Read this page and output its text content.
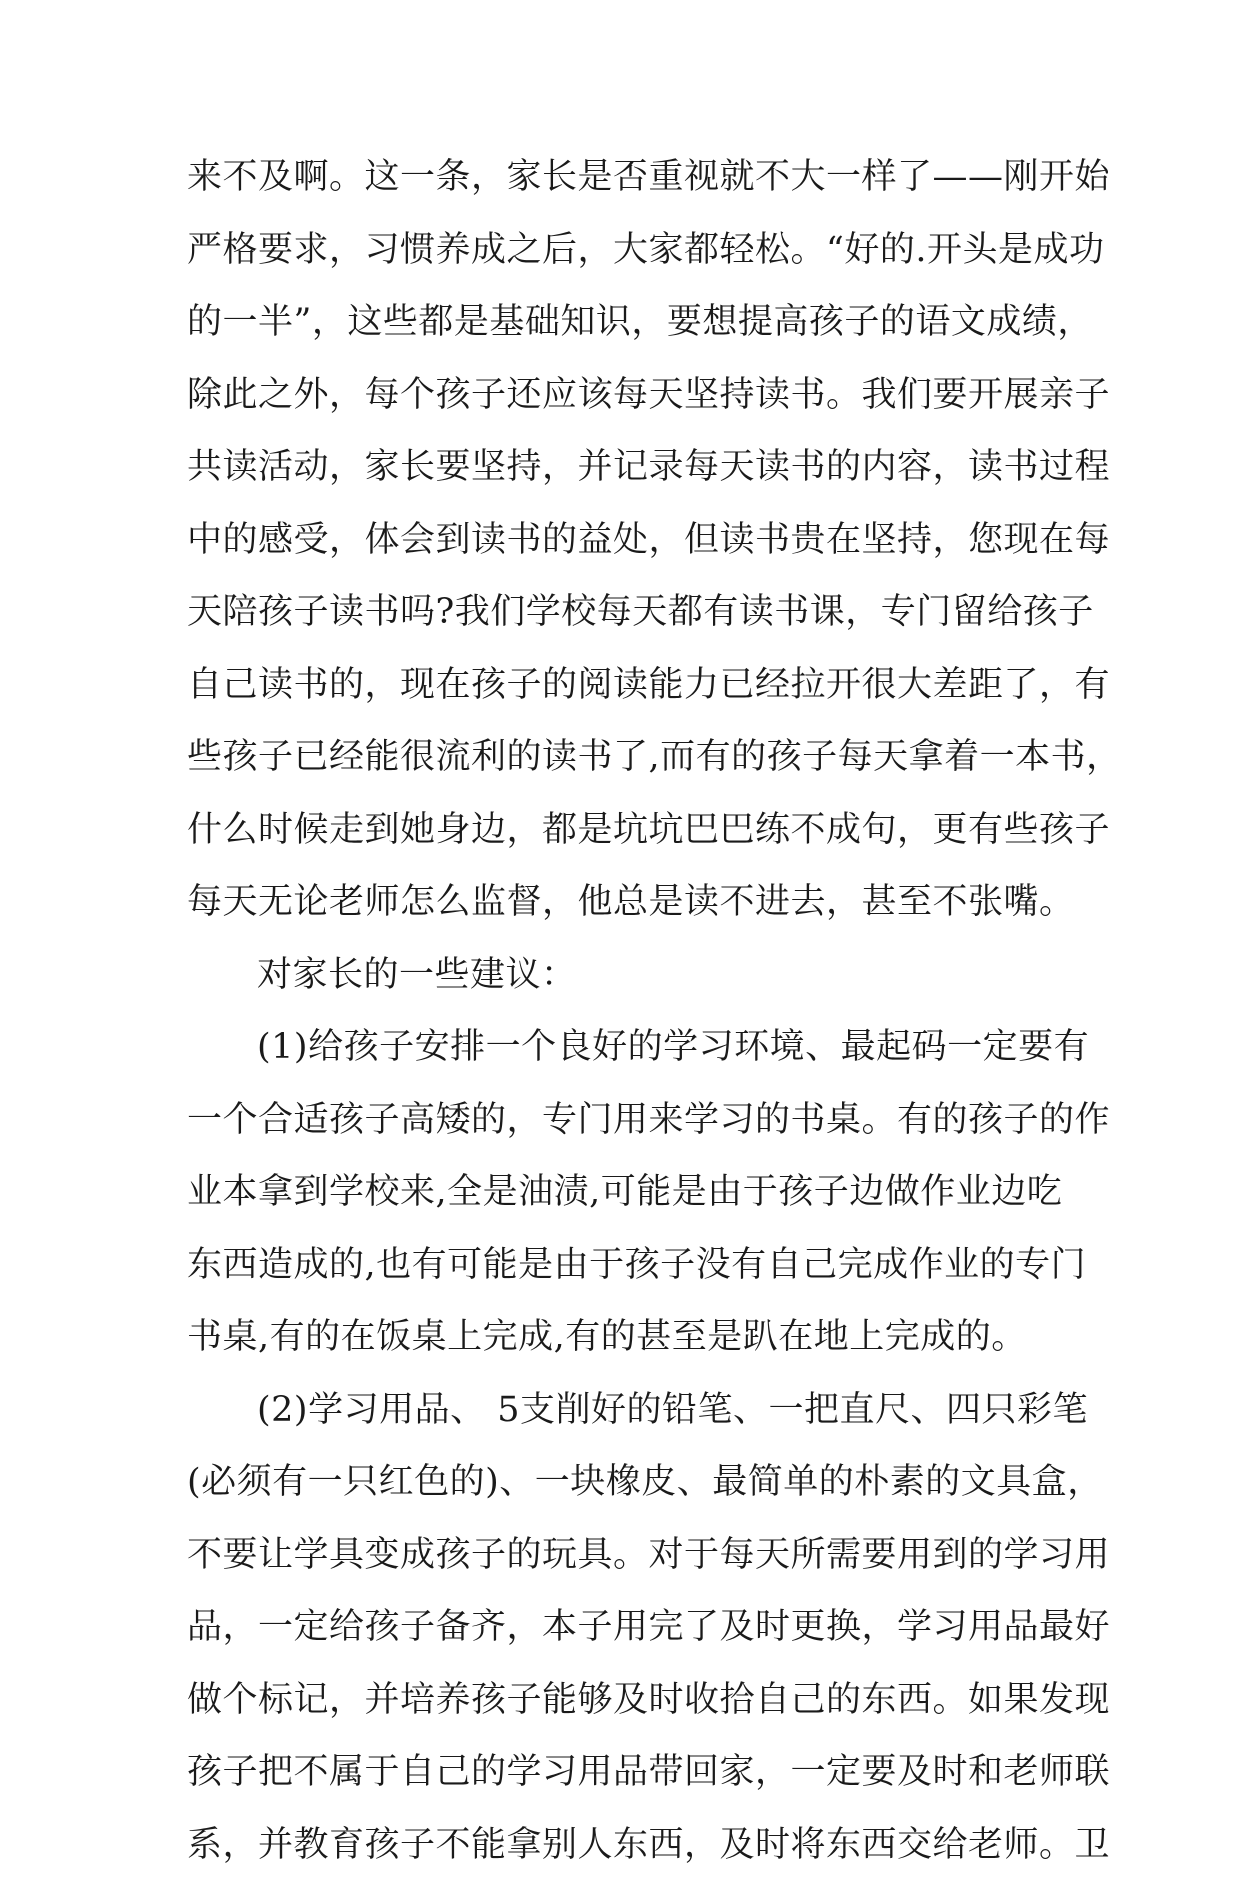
来不及啊。这一条，家长是否重视就不大一样了——刚开始
严格要求，习惯养成之后，大家都轻松。“好的.开头是成功
的一半”，这些都是基础知识，要想提高孩子的语文成绩，
除此之外，每个孩子还应该每天坚持读书。我们要开展亲子
共读活动，家长要坚持，并记录每天读书的内容，读书过程
中的感受，体会到读书的益处，但读书贵在坚持，您现在每
天陪孩子读书吗?我们学校每天都有读书课，专门留给孩子
自己读书的，现在孩子的阅读能力已经拉开很大差距了，有
些孩子已经能很流利的读书了,而有的孩子每天拿着一本书，
什么时候走到她身边，都是坑坑巴巴练不成句，更有些孩子
每天无论老师怎么监督，他总是读不进去，甚至不张嘴。
对家长的一些建议：
(1)给孩子安排一个良好的学习环境、最起码一定要有
一个合适孩子高矮的，专门用来学习的书桌。有的孩子的作
业本拿到学校来,全是油渍,可能是由于孩子边做作业边吃
东西造成的,也有可能是由于孩子没有自己完成作业的专门
书桌,有的在饭桌上完成,有的甚至是趴在地上完成的。
(2)学习用品、 5支削好的铅笔、一把直尺、四只彩笔
(必须有一只红色的)、一块橡皮、最简单的朴素的文具盒，
不要让学具变成孩子的玩具。对于每天所需要用到的学习用
品，一定给孩子备齐，本子用完了及时更换，学习用品最好
做个标记，并培养孩子能够及时收拾自己的东西。如果发现
孩子把不属于自己的学习用品带回家，一定要及时和老师联
系，并教育孩子不能拿别人东西，及时将东西交给老师。卫
